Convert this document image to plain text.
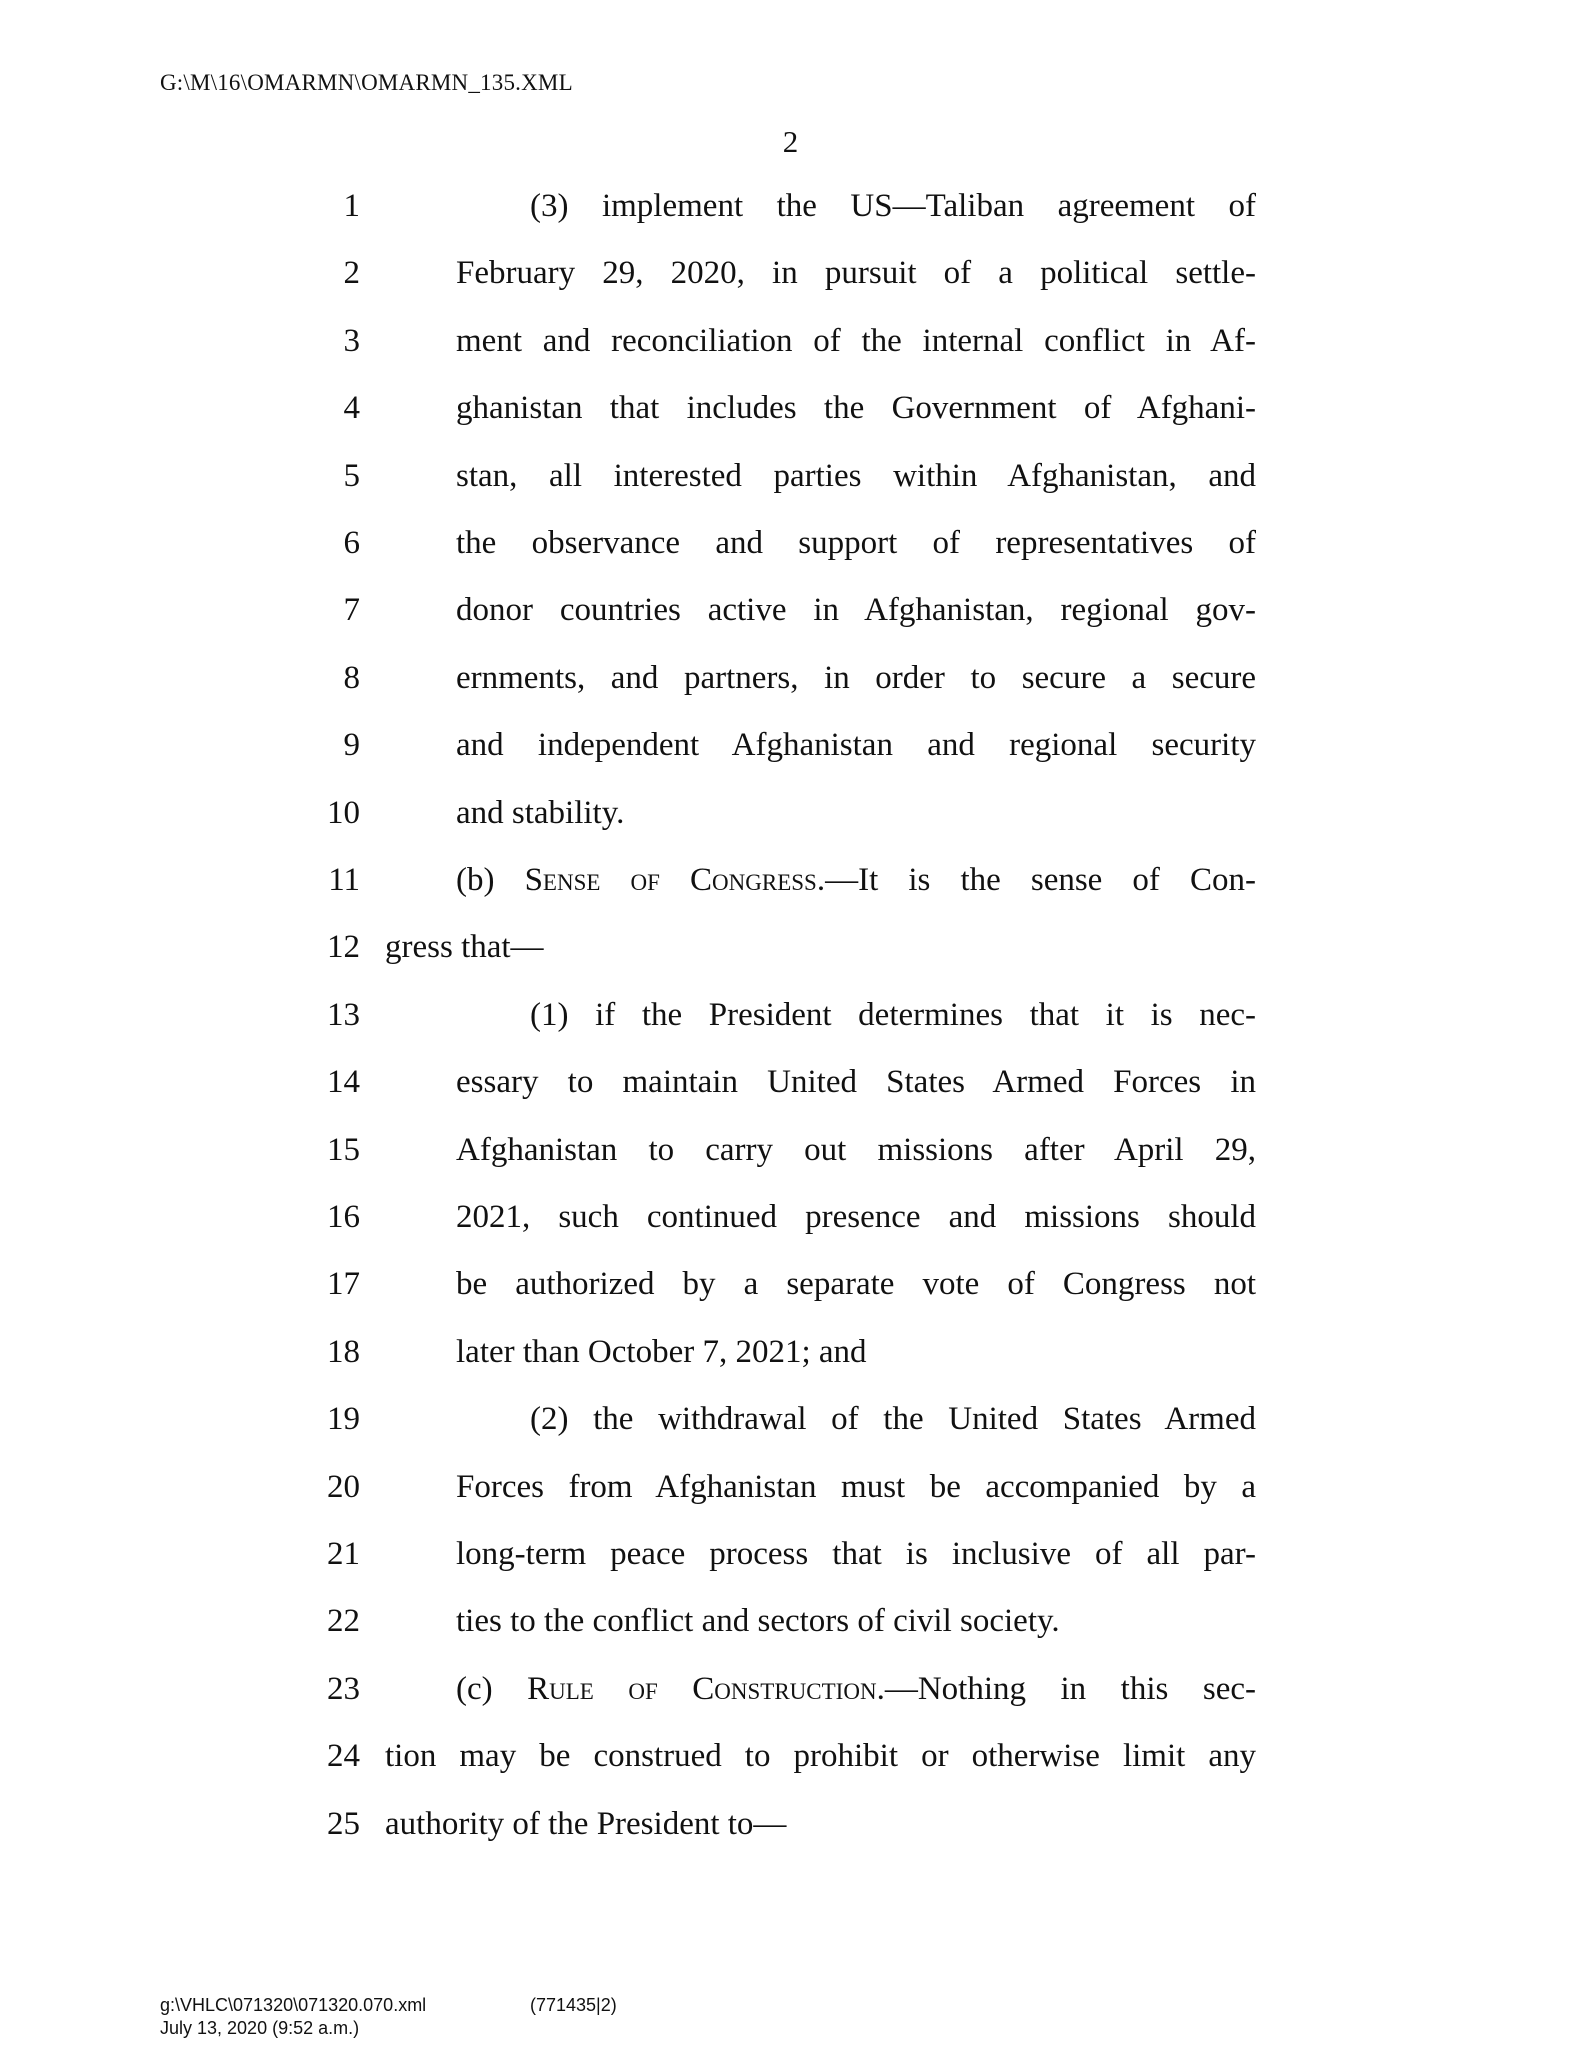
G:\M\16\OMARMN\OMARMN_135.XML
2
1	(3) implement the US—Taliban agreement of
2	February 29, 2020, in pursuit of a political settle-
3	ment and reconciliation of the internal conflict in Af-
4	ghanistan that includes the Government of Afghani-
5	stan, all interested parties within Afghanistan, and
6	the observance and support of representatives of
7	donor countries active in Afghanistan, regional gov-
8	ernments, and partners, in order to secure a secure
9	and independent Afghanistan and regional security
10	and stability.
11	(b) Sense of Congress.—It is the sense of Con-
12 gress that—
13	(1) if the President determines that it is nec-
14	essary to maintain United States Armed Forces in
15	Afghanistan to carry out missions after April 29,
16	2021, such continued presence and missions should
17	be authorized by a separate vote of Congress not
18	later than October 7, 2021; and
19	(2) the withdrawal of the United States Armed
20	Forces from Afghanistan must be accompanied by a
21	long-term peace process that is inclusive of all par-
22	ties to the conflict and sectors of civil society.
23	(c) Rule of Construction.—Nothing in this sec-
24 tion may be construed to prohibit or otherwise limit any
25 authority of the President to—
g:\VHLC\071320\071320.070.xml	(771435|2)
July 13, 2020 (9:52 a.m.)
